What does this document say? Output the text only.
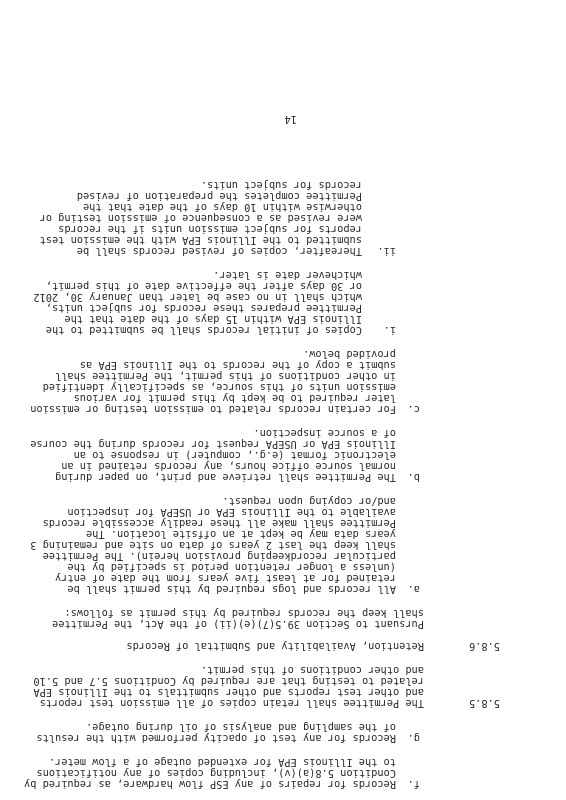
f.
Records for repairs of any ESP flow hardware, as required by
Condition 5.8(a)(v), including copies of any notifications
to the Illinois EPA for extended outage of a flow meter.
g.
Records for any test of opacity performed with the results
of the sampling and analysis of oil during outage.
5.8.5
The Permittee shall retain copies of all emission test reports
and other test reports and other submittals to the Illinois EPA
related to testing that are required by Conditions 5.7 and 5.10
and other conditions of this permit.
5.8.6
Retention, Availability and Submittal of Records
Pursuant to Section 39.5(7)(e)(ii) of the Act, the Permittee
shall keep the records required by this permit as follows:
a.
All records and logs required by this permit shall be
retained for at least five years from the date of entry
(unless a longer retention period is specified by the
particular recordkeeping provision herein). The Permittee
shall keep the last 2 years of data on site and remaining 3
years data may be kept at an offsite location. The
Permittee shall make all these readily accessible records
available to the Illinois EPA or USEPA for inspection
and/or copying upon request.
b.
The Permittee shall retrieve and print, on paper during
normal source office hours, any records retained in an
electronic format (e.g., computer) in response to an
Illinois EPA or USEPA request for records during the course
of a source inspection.
c.
For certain records related to emission testing or emission
later required to be kept by this permit for various
emission units of this source, as specifically identified
in other conditions of this permit, the Permittee shall
submit a copy of the records to the Illinois EPA as
provided below.
i.
Copies of initial records shall be submitted to the
Illinois EPA within 15 days of the date that the
Permittee prepares these records for subject units,
which shall in no case be later than January 30, 2012
or 30 days after the effective date of this permit,
whichever date is later.
ii.
Thereafter, copies of revised records shall be
submitted to the Illinois EPA with the emission test
reports for subject emission units if the records
were revised as a consequence of emission testing or
otherwise within 10 days of the date that the
Permittee completes the preparation of revised
records for subject units.
14
